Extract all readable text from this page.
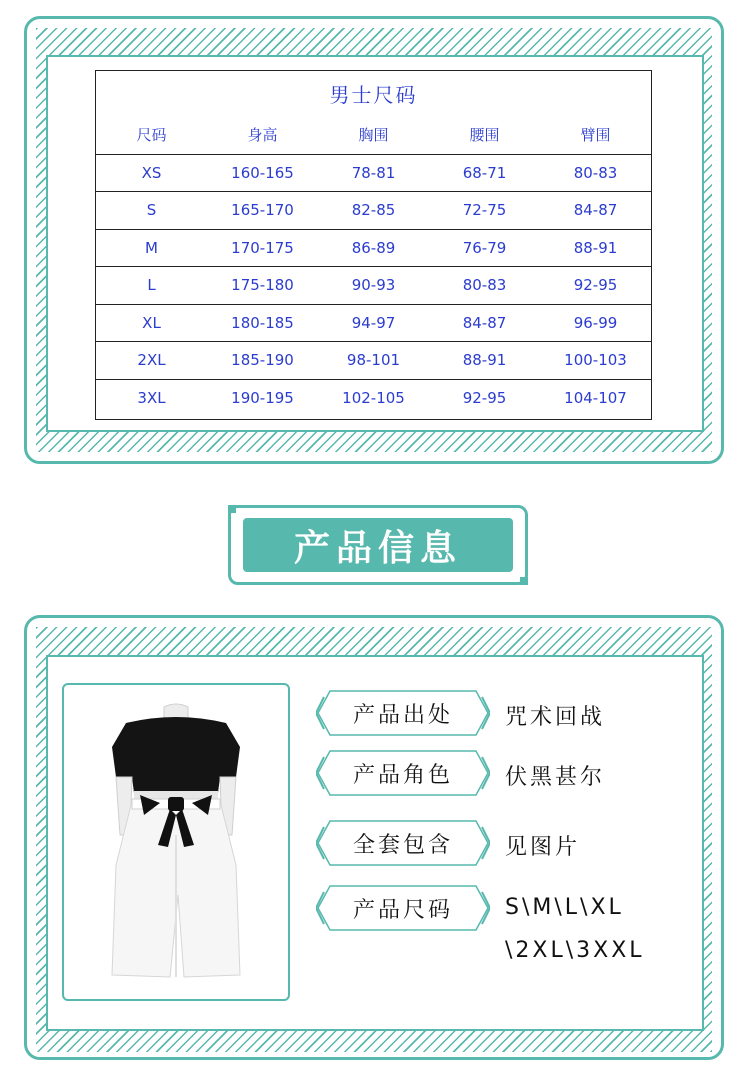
男士尺码
尺码	身高	胸围	腰围	臂围
XS	160-165	78-81	68-71	80-83
S	165-170	82-85	72-75	84-87
M	170-175	86-89	76-79	88-91
L	175-180	90-93	80-83	92-95
XL	180-185	94-97	84-87	96-99
2XL	185-190	98-101	88-91	100-103
3XL	190-195	102-105	92-95	104-107
产品信息
产品出处 咒术回战
产品角色 伏黑甚尔
全套包含 见图片
产品尺码 S\M\L\XL
\2XL\3XXL
